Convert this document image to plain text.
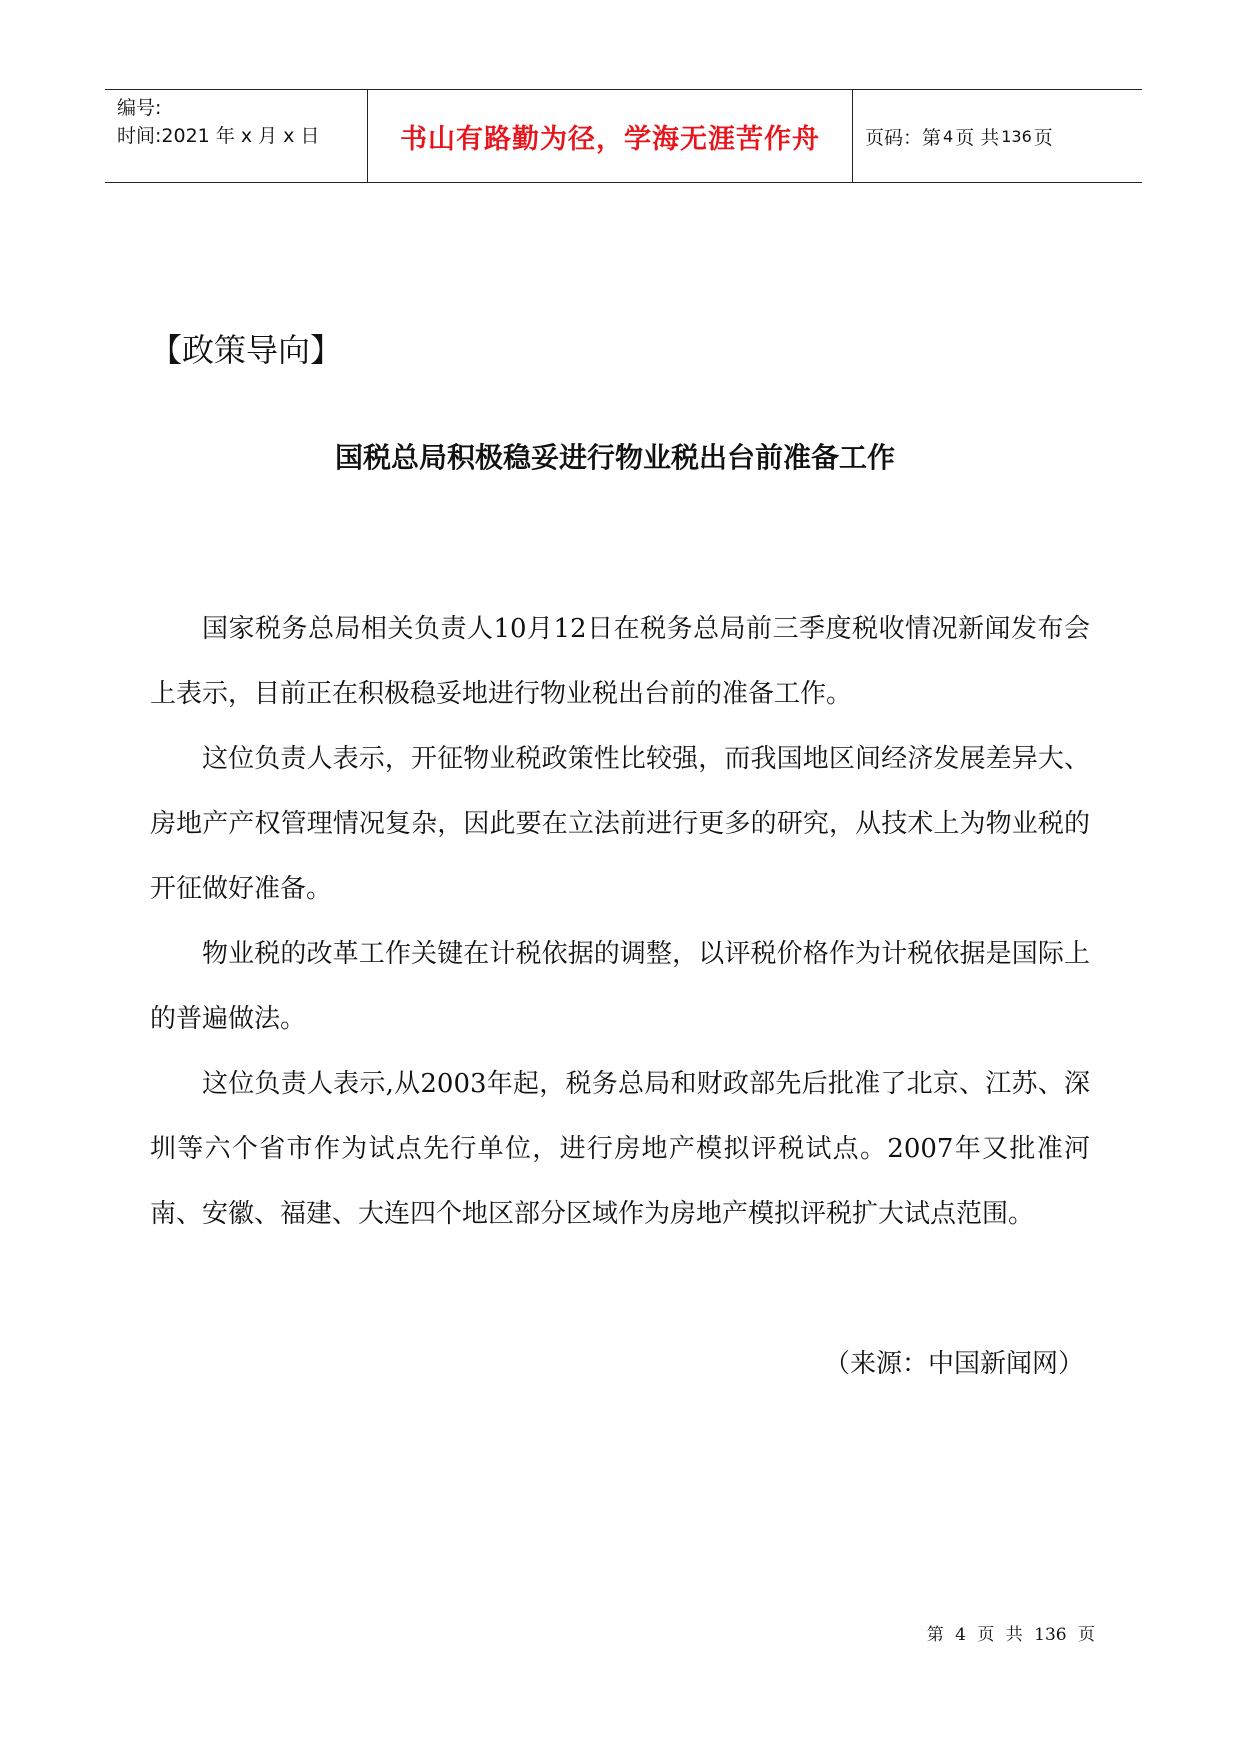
编号:
时间:2021 年 x 月 x 日	书山有路勤为径，学海无涯苦作舟	页码：第 4 页 共 136 页
【政策导向】
国税总局积极稳妥进行物业税出台前准备工作

国家税务总局相关负责人10月12日在税务总局前三季度税收情况新闻发布会上表示，目前正在积极稳妥地进行物业税出台前的准备工作。

这位负责人表示，开征物业税政策性比较强，而我国地区间经济发展差异大、房地产产权管理情况复杂，因此要在立法前进行更多的研究，从技术上为物业税的开征做好准备。

物业税的改革工作关键在计税依据的调整，以评税价格作为计税依据是国际上的普遍做法。

这位负责人表示,从2003年起，税务总局和财政部先后批准了北京、江苏、深圳等六个省市作为试点先行单位，进行房地产模拟评税试点。2007年又批准河南、安徽、福建、大连四个地区部分区域作为房地产模拟评税扩大试点范围。

（来源：中国新闻网）
第 4 页 共 136 页
